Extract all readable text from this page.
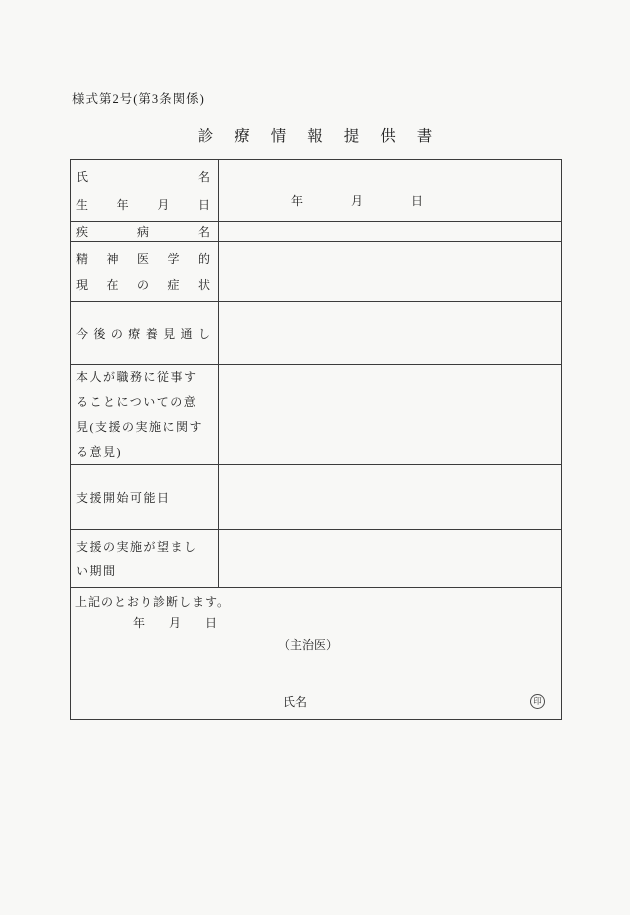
様式第2号(第3条関係)
診療情報提供書
氏 名
生 年 月 日	年　　　　月　　　　日
疾 病 名
精 神 医 学 的
現 在 の 症 状
今 後 の 療 養 見 通 し
本人が職務に従事す
ることについての意
見(支援の実施に関す
る意見)
支援開始可能日
支援の実施が望まし
い期間
上記のとおり診断します。
年　　月　　日
（主治医）
氏名	印
